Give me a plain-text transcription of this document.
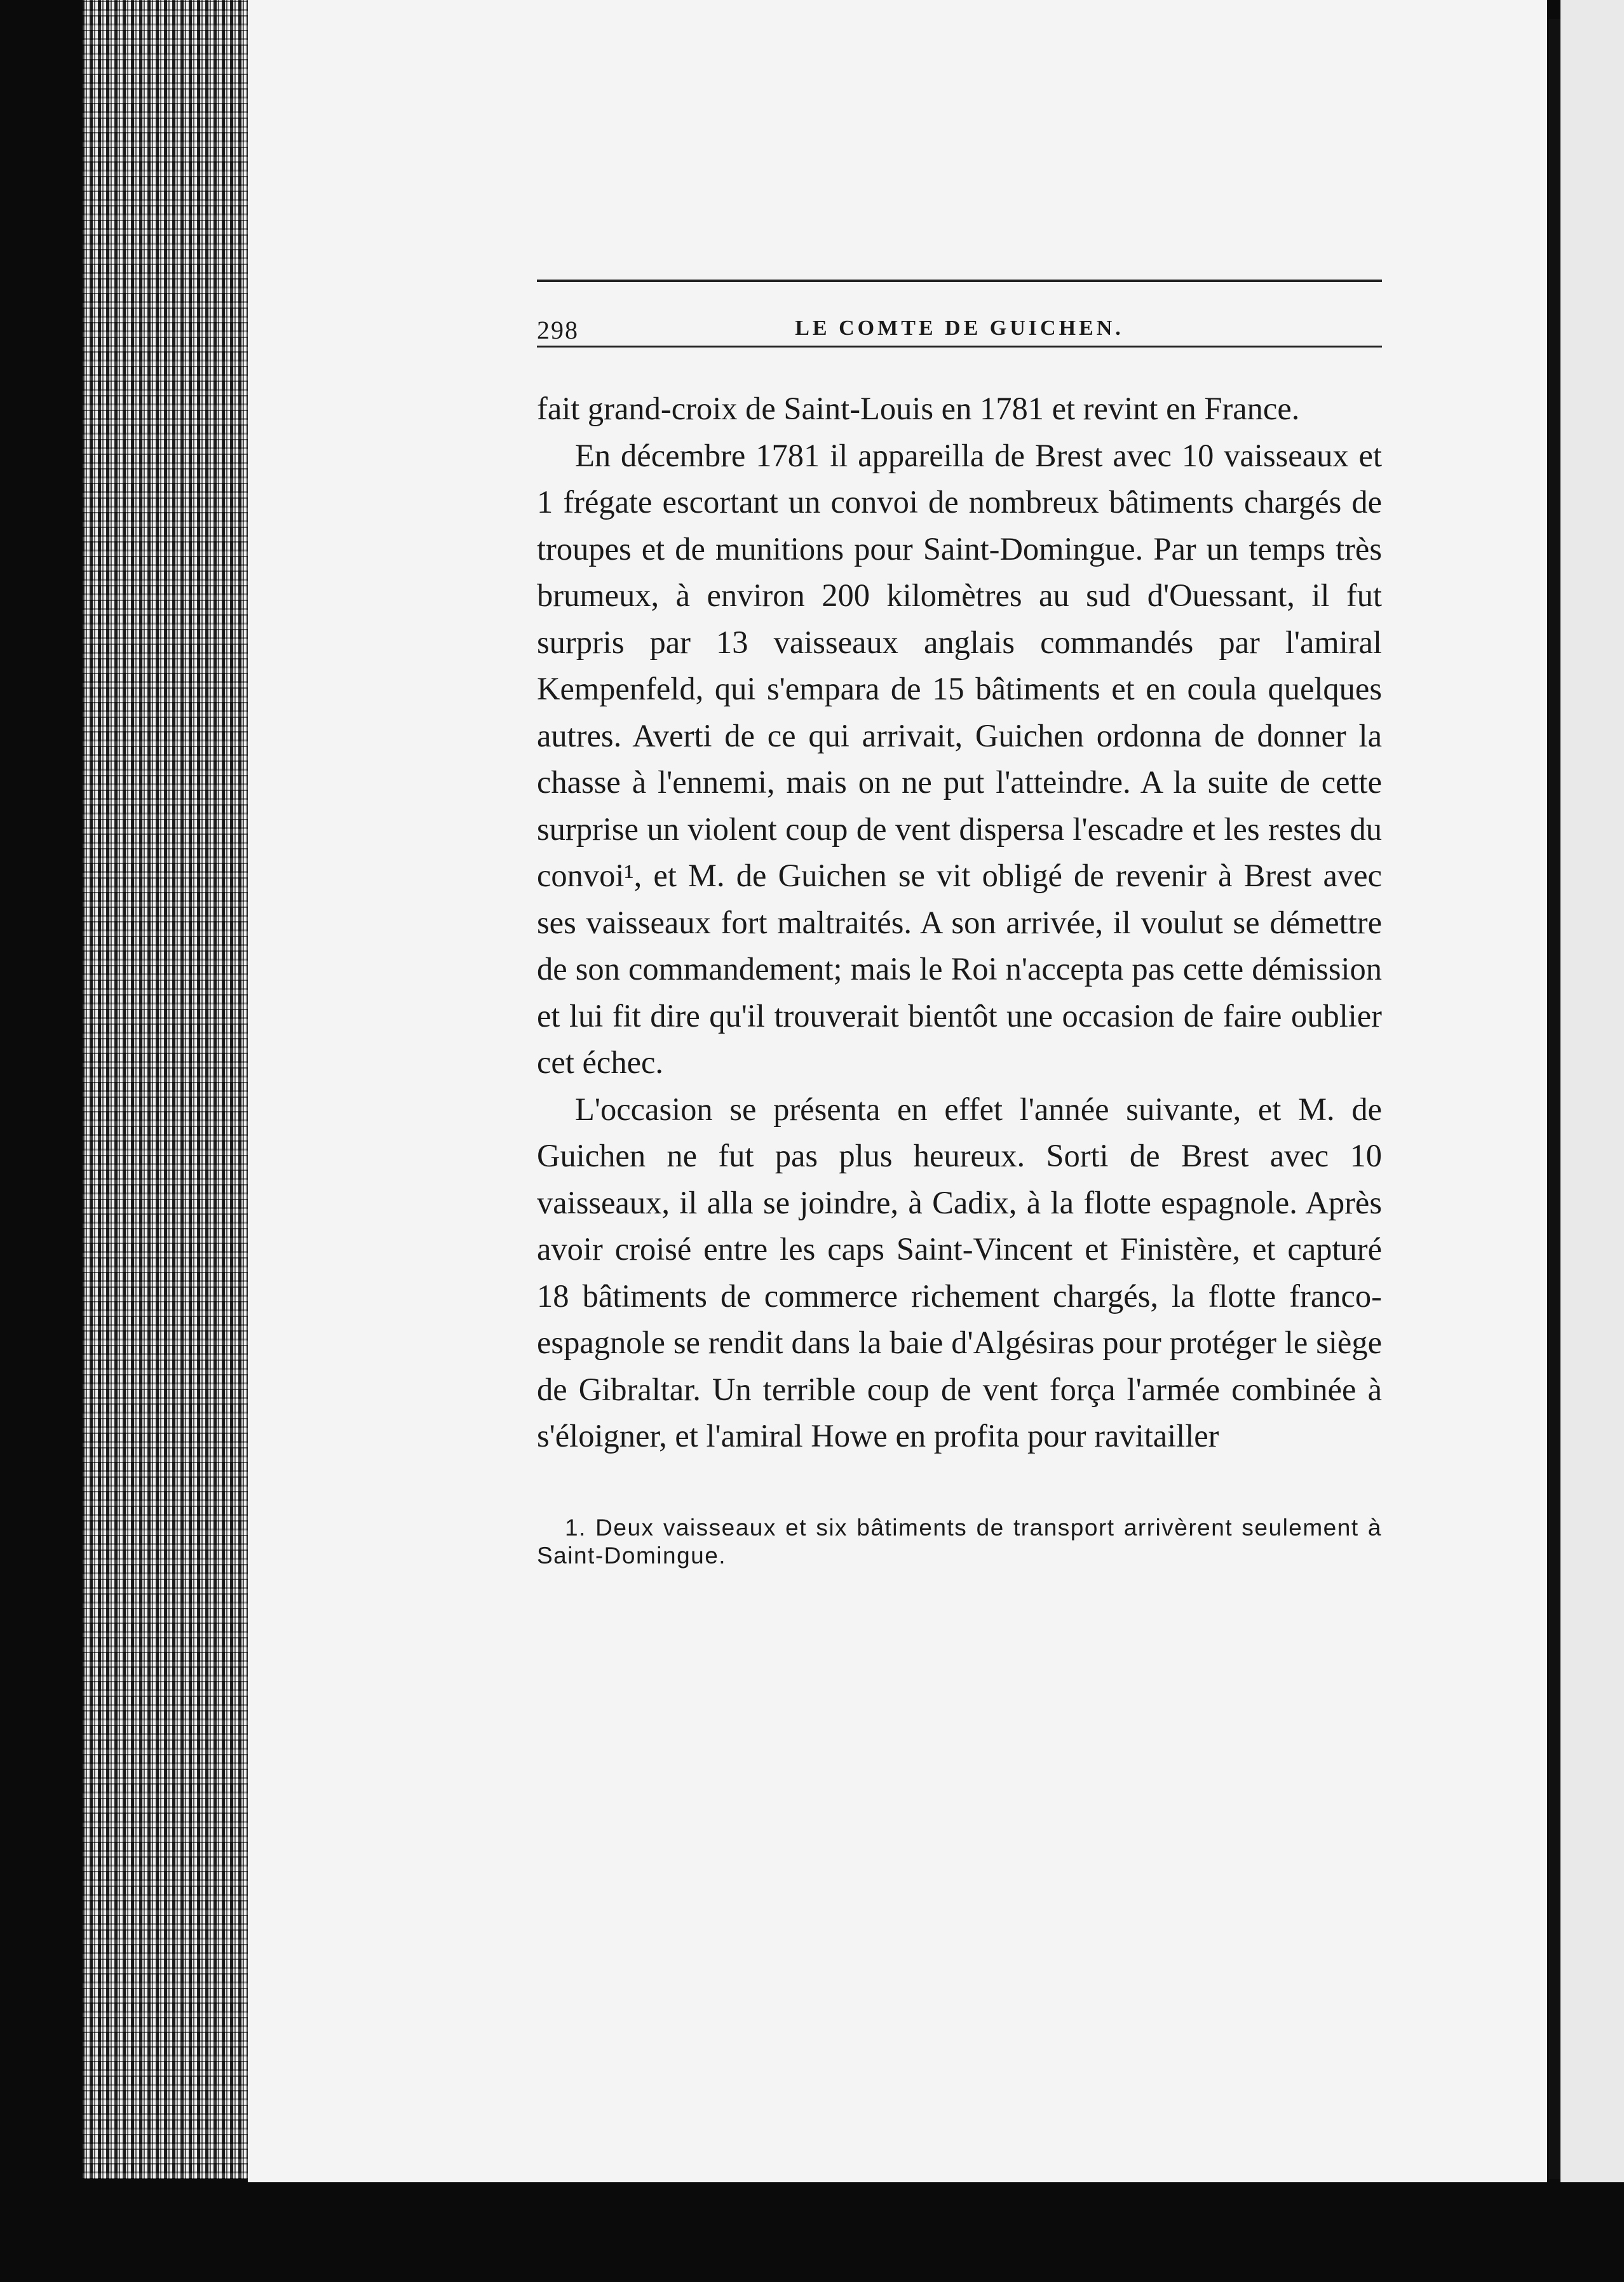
298	LE COMTE DE GUICHEN.

fait grand-croix de Saint-Louis en 1781 et revint en France.

En décembre 1781 il appareilla de Brest avec 10 vaisseaux et 1 frégate escortant un convoi de nombreux bâtiments chargés de troupes et de munitions pour Saint-Domingue. Par un temps très brumeux, à environ 200 kilomètres au sud d'Ouessant, il fut surpris par 13 vaisseaux anglais commandés par l'amiral Kempenfeld, qui s'empara de 15 bâtiments et en coula quelques autres. Averti de ce qui arrivait, Guichen ordonna de donner la chasse à l'ennemi, mais on ne put l'atteindre. A la suite de cette surprise un violent coup de vent dispersa l'escadre et les restes du convoi¹, et M. de Guichen se vit obligé de revenir à Brest avec ses vaisseaux fort maltraités. A son arrivée, il voulut se démettre de son commandement; mais le Roi n'accepta pas cette démission et lui fit dire qu'il trouverait bientôt une occasion de faire oublier cet échec.

L'occasion se présenta en effet l'année suivante, et M. de Guichen ne fut pas plus heureux. Sorti de Brest avec 10 vaisseaux, il alla se joindre, à Cadix, à la flotte espagnole. Après avoir croisé entre les caps Saint-Vincent et Finistère, et capturé 18 bâtiments de commerce richement chargés, la flotte franco-espagnole se rendit dans la baie d'Algésiras pour protéger le siège de Gibraltar. Un terrible coup de vent força l'armée combinée à s'éloigner, et l'amiral Howe en profita pour ravitailler

1. Deux vaisseaux et six bâtiments de transport arrivèrent seulement à Saint-Domingue.
